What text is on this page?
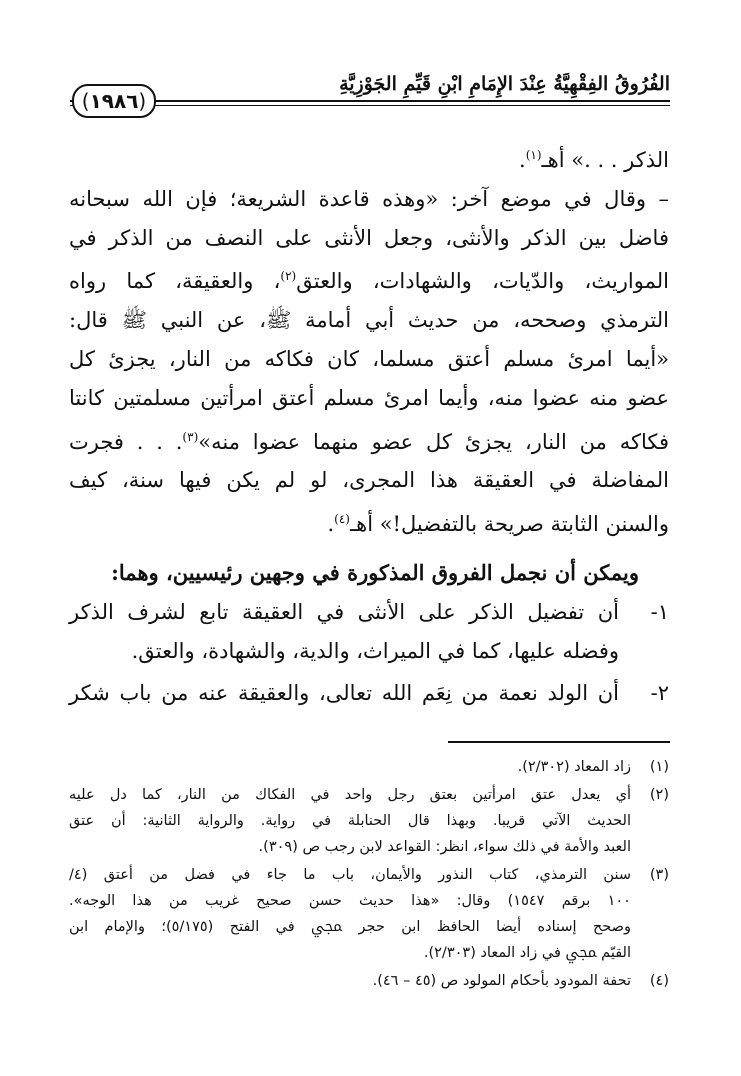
الفُرُوقُ الفِقْهِيَّةُ عِنْدَ الإِمَامِ ابْنِ قَيِّمِ الجَوْزِيَّةِ
(١٩٨٦)
الذكر . . .» أهـ$^{(١)}$.
– وقال في موضع آخر: «وهذه قاعدة الشريعة؛ فإن الله سبحانه
فاضل بين الذكر والأنثى، وجعل الأنثى على النصف من الذكر في
المواريث، والدّيات، والشهادات، والعتق$^{(٢)}$، والعقيقة، كما رواه
الترمذي وصححه، من حديث أبي أمامة ﷺ، عن النبي ﷺ قال:
«أيما امرئ مسلم أعتق مسلما، كان فكاكه من النار، يجزئ كل
عضو منه عضوا منه، وأيما امرئ مسلم أعتق امرأتين مسلمتين كانتا
فكاكه من النار، يجزئ كل عضو منهما عضوا منه»$^{(٣)}$. . . فجرت
المفاضلة في العقيقة هذا المجرى، لو لم يكن فيها سنة، كيف
والسنن الثابتة صريحة بالتفضيل!» أهـ$^{(٤)}$.
ويمكن أن نجمل الفروق المذكورة في وجهين رئيسيين، وهما:
١-
أن تفضيل الذكر على الأنثى في العقيقة تابع لشرف الذكر
وفضله عليها، كما في الميراث، والدية، والشهادة، والعتق.
٢-
أن الولد نعمة من نِعَم الله تعالى، والعقيقة عنه من باب شكر
(١)
زاد المعاد (٢/٣٠٢).
(٢)
أي يعدل عتق امرأتين بعتق رجل واحد في الفكاك من النار، كما دل عليه
الحديث الآتي قريبا. وبهذا قال الحنابلة في رواية. والرواية الثانية: أن عتق
العبد والأمة في ذلك سواء، انظر: القواعد لابن رجب ص (٣٠٩).
(٣)
سنن الترمذي، كتاب النذور والأيمان، باب ما جاء في فضل من أعتق (٤/
١٠٠ برقم ١٥٤٧) وقال: «هذا حديث حسن صحيح غريب من هذا الوجه».
وصحح إسناده أيضا الحافظ ابن حجر ﷀ في الفتح (٥/١٧٥)؛ والإمام ابن
القيّم ﷀ في زاد المعاد (٢/٣٠٣).
(٤)
تحفة المودود بأحكام المولود ص (٤٥ – ٤٦).
